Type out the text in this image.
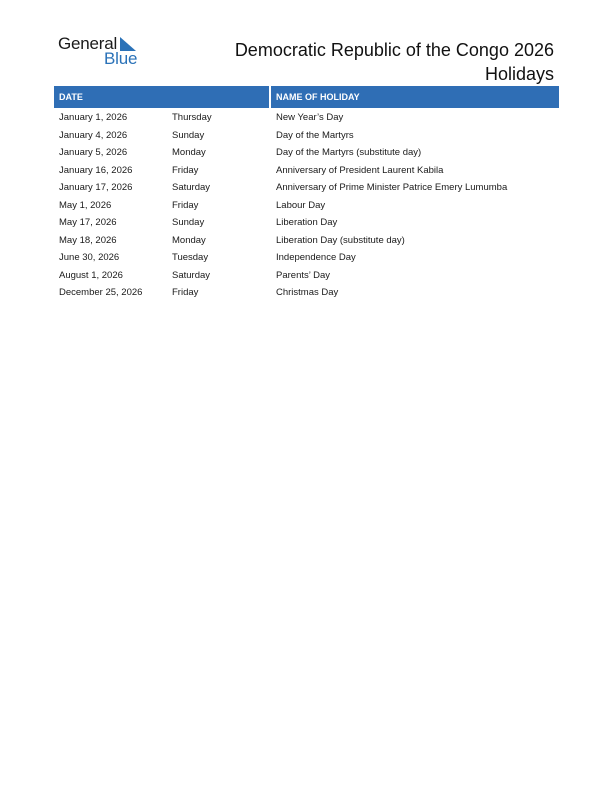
General
Blue	Democratic Republic of the Congo 2026
Holidays
DATE	NAME OF HOLIDAY
January 1, 2026	Thursday	New Year’s Day
January 4, 2026	Sunday	Day of the Martyrs
January 5, 2026	Monday	Day of the Martyrs (substitute day)
January 16, 2026	Friday	Anniversary of President Laurent Kabila
January 17, 2026	Saturday	Anniversary of Prime Minister Patrice Emery Lumumba
May 1, 2026	Friday	Labour Day
May 17, 2026	Sunday	Liberation Day
May 18, 2026	Monday	Liberation Day (substitute day)
June 30, 2026	Tuesday	Independence Day
August 1, 2026	Saturday	Parents’ Day
December 25, 2026	Friday	Christmas Day
